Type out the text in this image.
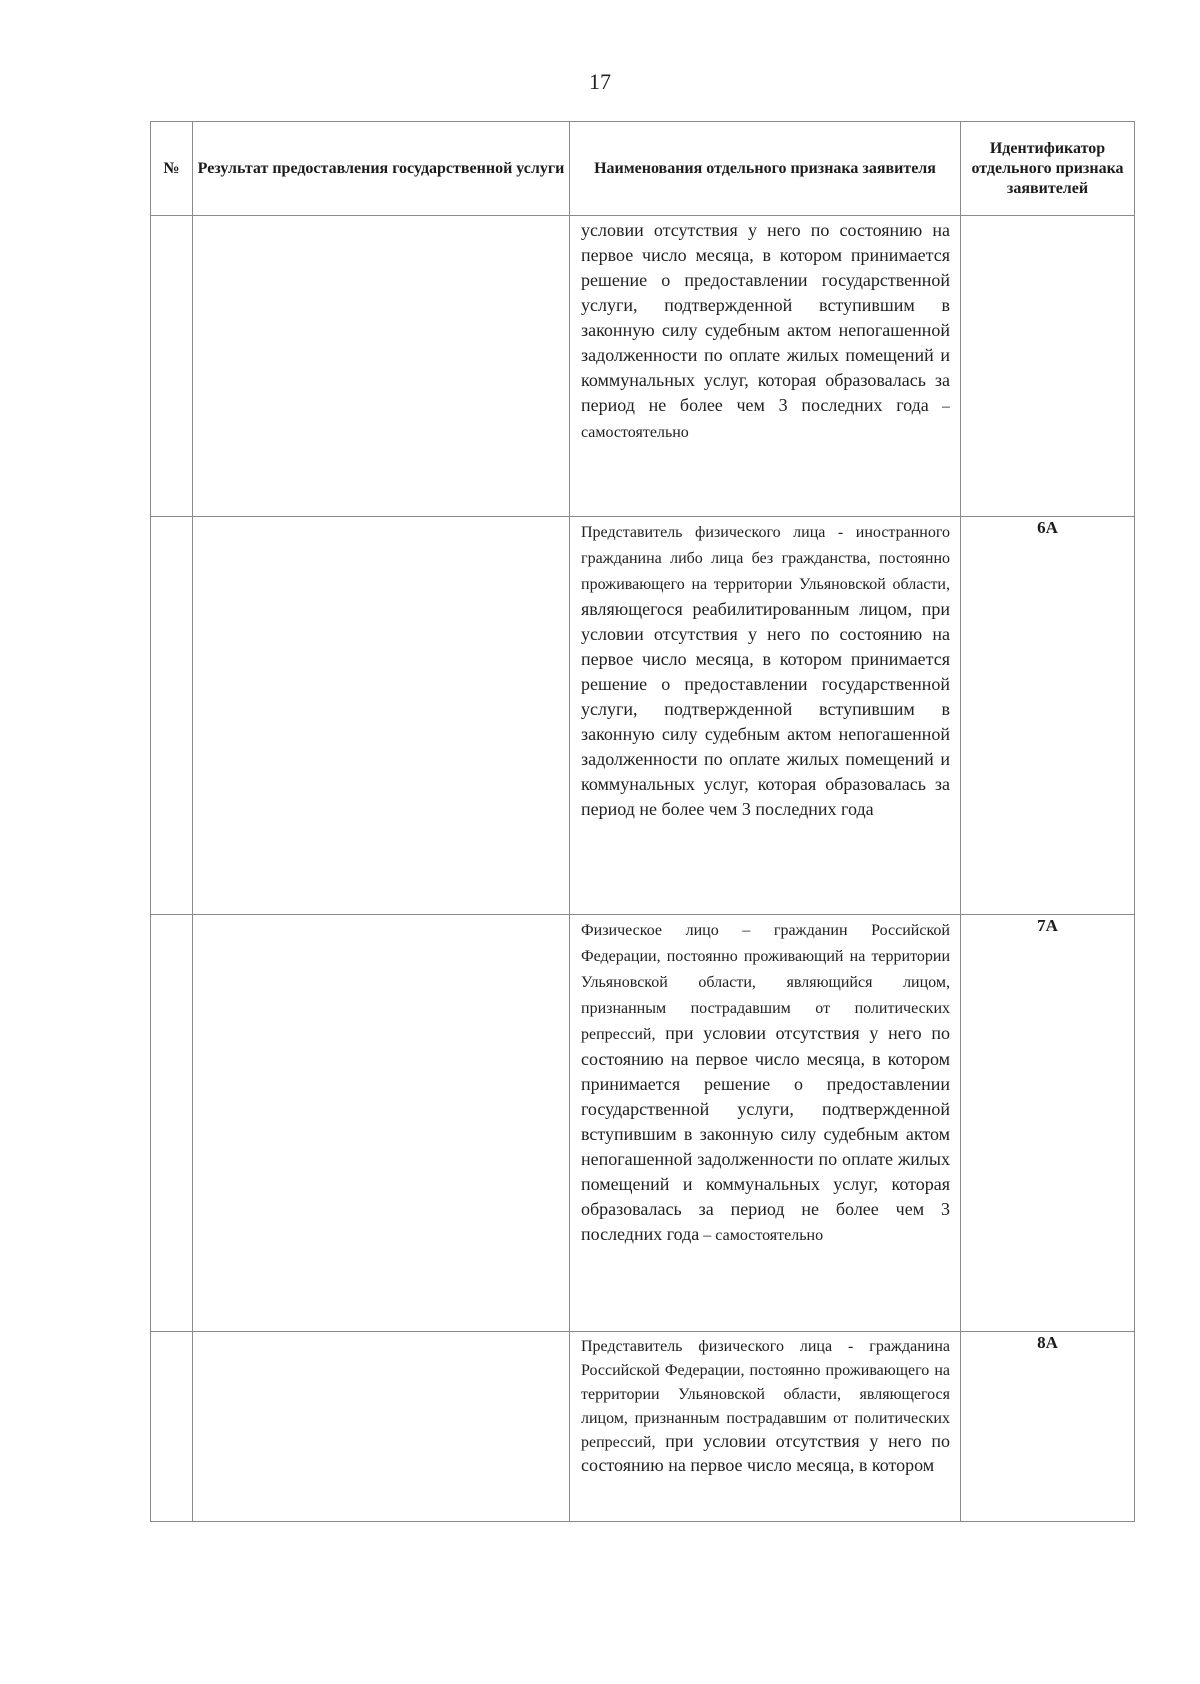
17
№	Результат предоставления государственной услуги	Наименования отдельного признака заявителя	Идентификатор отдельного признака заявителей

		условии отсутствия у него по состоянию на первое число месяца, в котором принимается решение о предоставлении государственной услуги, подтвержденной вступившим в законную силу судебным актом непогашенной задолженности по оплате жилых помещений и коммунальных услуг, которая образовалась за период не более чем 3 последних года – самостоятельно	

		Представитель физического лица - иностранного гражданина либо лица без гражданства, постоянно проживающего на территории Ульяновской области, являющегося реабилитированным лицом, при условии отсутствия у него по состоянию на первое число месяца, в котором принимается решение о предоставлении государственной услуги, подтвержденной вступившим в законную силу судебным актом непогашенной задолженности по оплате жилых помещений и коммунальных услуг, которая образовалась за период не более чем 3 последних года	6А

		Физическое лицо – гражданин Российской Федерации, постоянно проживающий на территории Ульяновской области, являющийся лицом, признанным пострадавшим от политических репрессий, при условии отсутствия у него по состоянию на первое число месяца, в котором принимается решение о предоставлении государственной услуги, подтвержденной вступившим в законную силу судебным актом непогашенной задолженности по оплате жилых помещений и коммунальных услуг, которая образовалась за период не более чем 3 последних года – самостоятельно	7А

		Представитель физического лица - гражданина Российской Федерации, постоянно проживающего на территории Ульяновской области, являющегося лицом, признанным пострадавшим от политических репрессий, при условии отсутствия у него по состоянию на первое число месяца, в котором	8А
